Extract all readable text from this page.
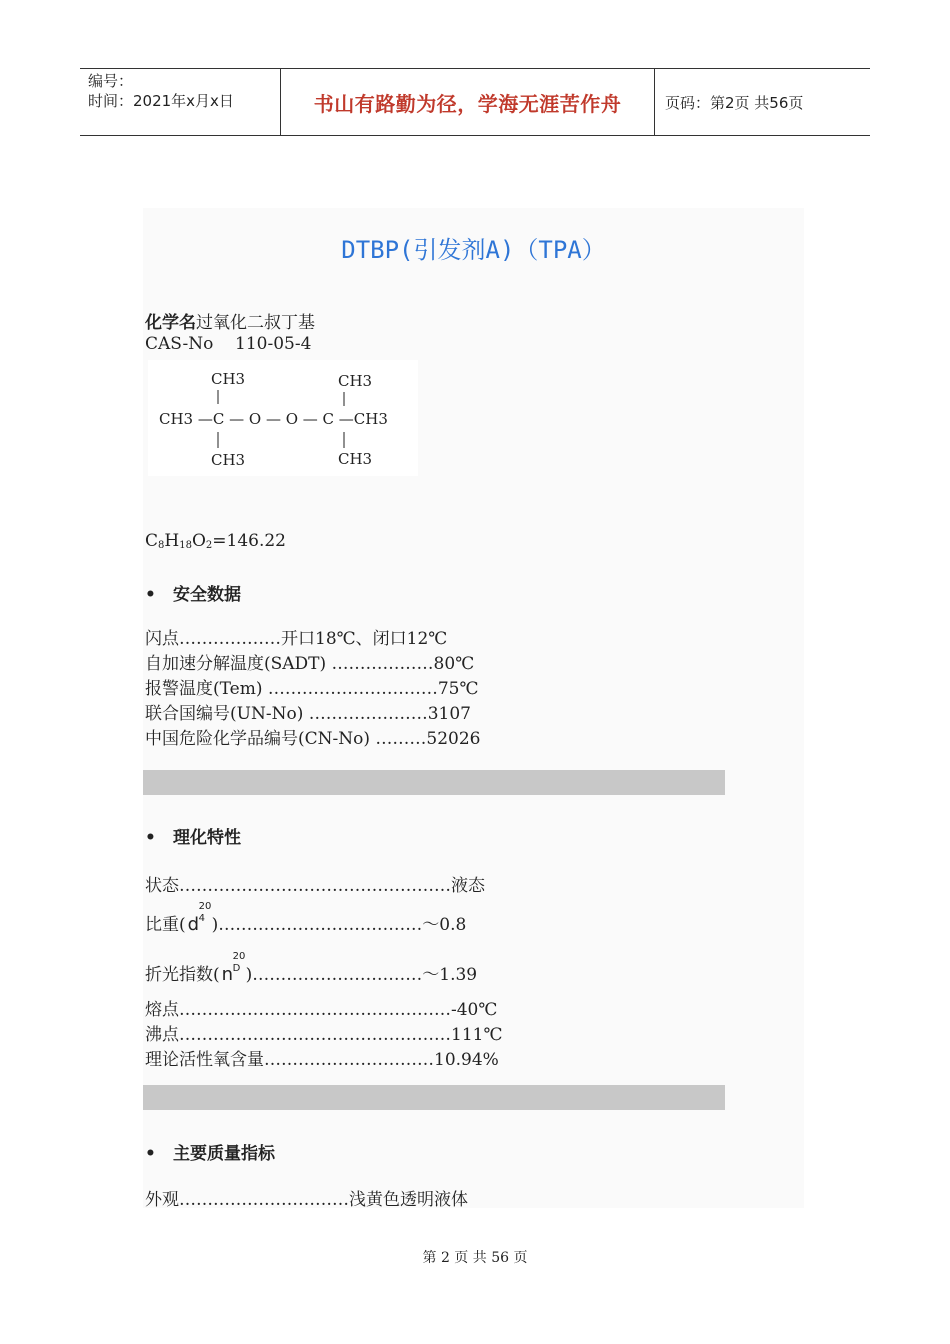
编号：
时间：2021年x月x日	书山有路勤为径，学海无涯苦作舟	页码：第2页 共56页
DTBP(引发剂A)（TPA）
化学名过氧化二叔丁基
CAS-No    110-05-4
CH3	CH3
CH3 —C — O — O — C —CH3
CH3	CH3
$C_8H_{18}O_2=146.22$
• 安全数据
闪点………………开口18℃、闭口12℃
自加速分解温度(SADT) ………………80℃
报警温度(Tem) …………………………75℃
联合国编号(UN-No) …………………3107
中国危险化学品编号(CN-No) ………52026
• 理化特性
状态…………………………………………液态
比重( d
20
4 )………………………………～0.8
折光指数( n
20
D )…………………………～1.39
熔点…………………………………………-40℃
沸点…………………………………………111℃
理论活性氧含量…………………………10.94%
• 主要质量指标
外观…………………………浅黄色透明液体
第 2 页 共 56 页
